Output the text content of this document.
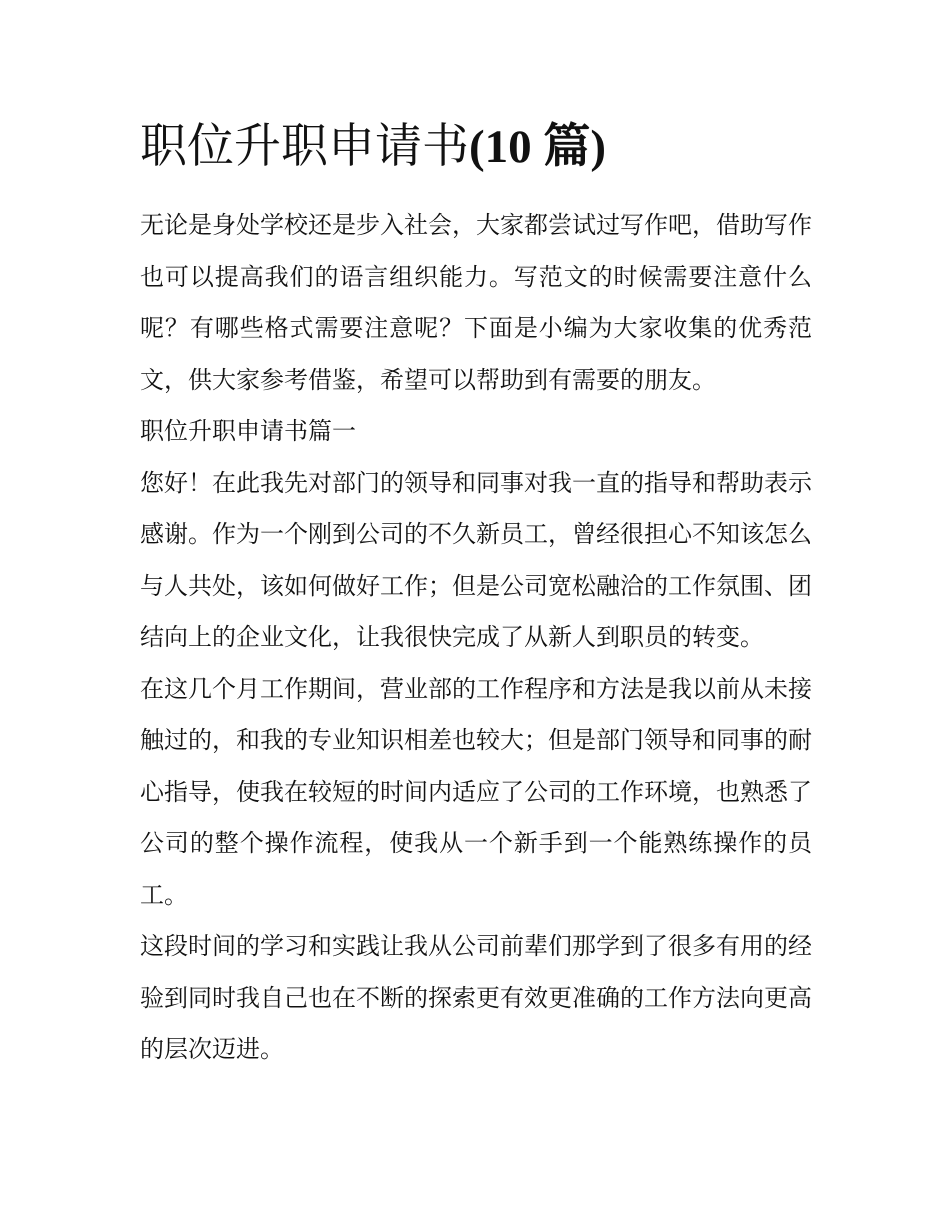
职位升职申请书(10 篇)

无论是身处学校还是步入社会，大家都尝试过写作吧，借助写作也可以提高我们的语言组织能力。写范文的时候需要注意什么呢？有哪些格式需要注意呢？下面是小编为大家收集的优秀范文，供大家参考借鉴，希望可以帮助到有需要的朋友。

职位升职申请书篇一

您好！在此我先对部门的领导和同事对我一直的指导和帮助表示感谢。作为一个刚到公司的不久新员工，曾经很担心不知该怎么与人共处，该如何做好工作；但是公司宽松融洽的工作氛围、团结向上的企业文化，让我很快完成了从新人到职员的转变。

在这几个月工作期间，营业部的工作程序和方法是我以前从未接触过的，和我的专业知识相差也较大；但是部门领导和同事的耐心指导，使我在较短的时间内适应了公司的工作环境，也熟悉了公司的整个操作流程，使我从一个新手到一个能熟练操作的员工。

这段时间的学习和实践让我从公司前辈们那学到了很多有用的经验到同时我自己也在不断的探索更有效更准确的工作方法向更高的层次迈进。
